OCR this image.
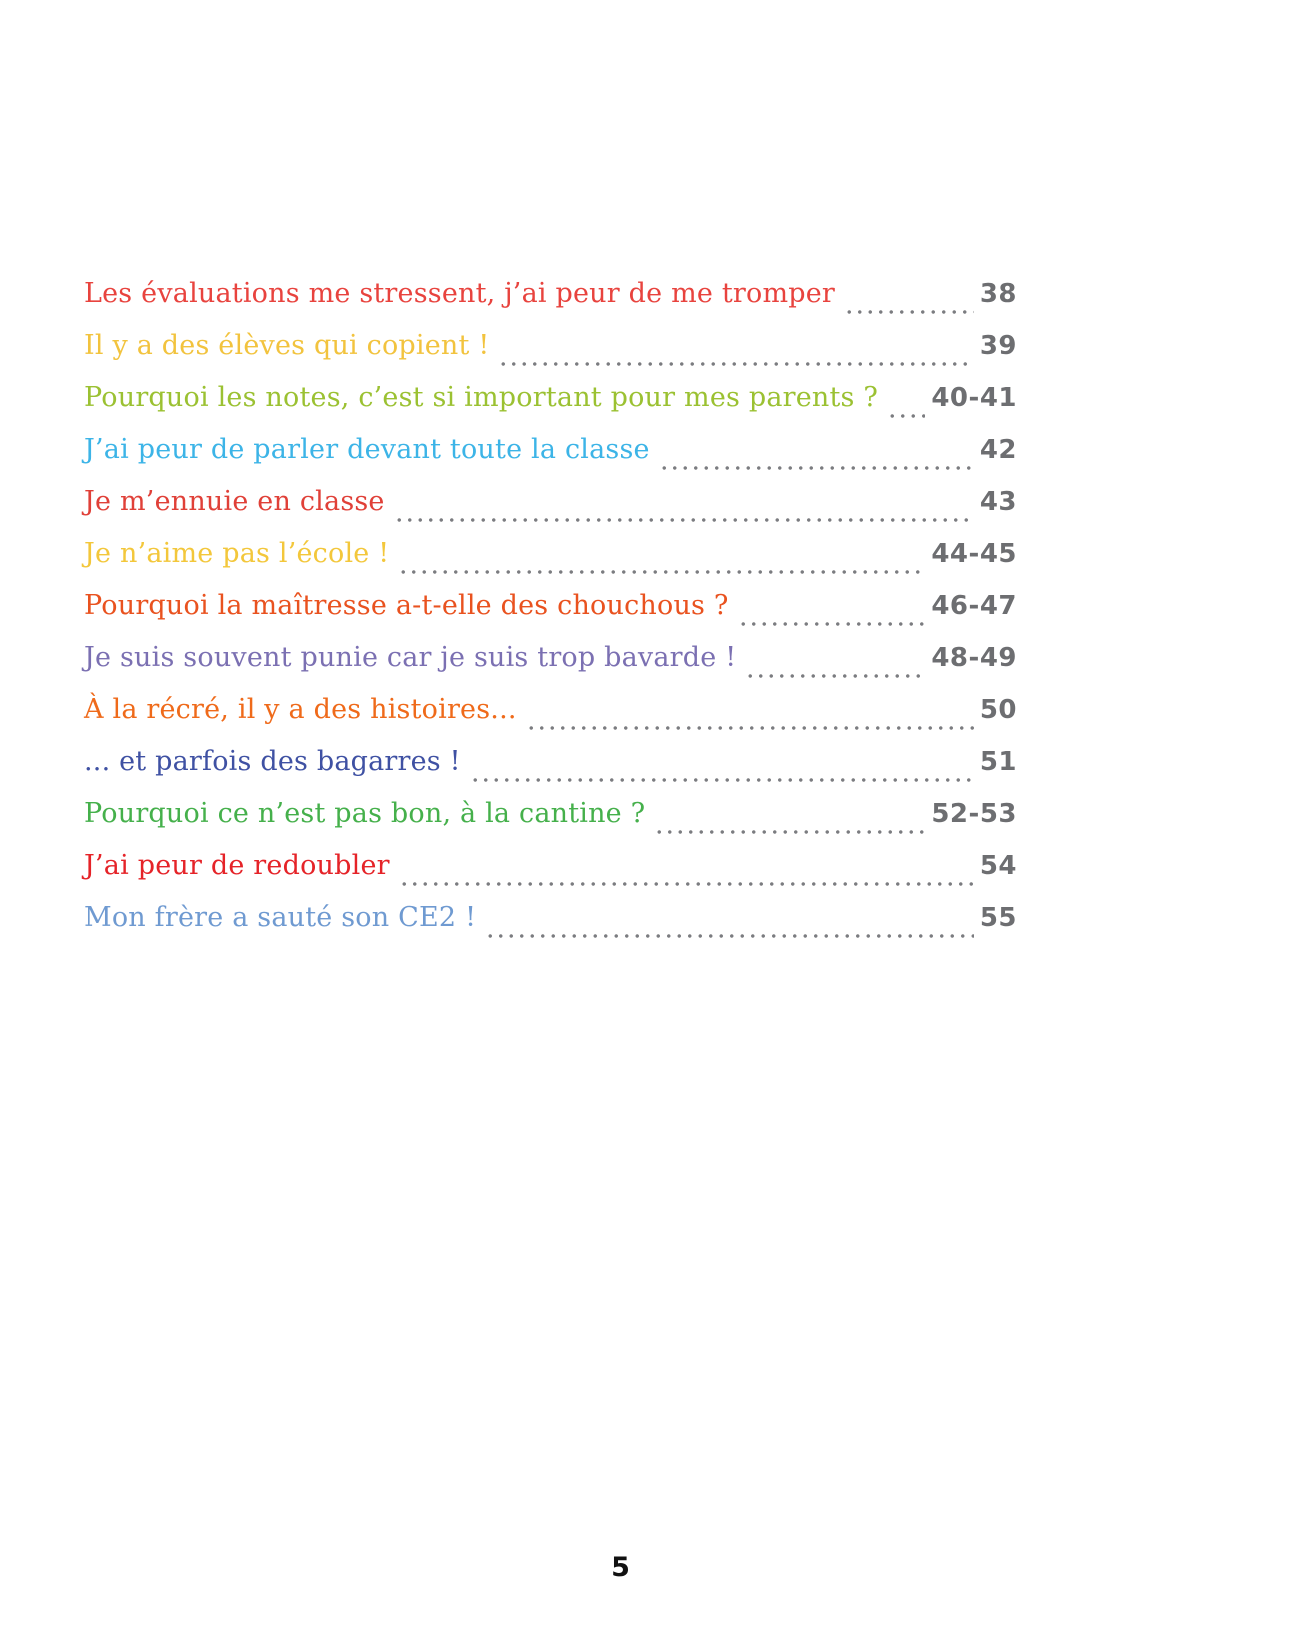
Les évaluations me stressent, j’ai peur de me tromper	38
Il y a des élèves qui copient !	39
Pourquoi les notes, c’est si important pour mes parents ? 40-41
J’ai peur de parler devant toute la classe	42
Je m’ennuie en classe	43
Je n’aime pas l’école !	44-45
Pourquoi la maîtresse a-t-elle des chouchous ?	46-47
Je suis souvent punie car je suis trop bavarde !	48-49
À la récré, il y a des histoires...	50
... et parfois des bagarres !	51
Pourquoi ce n’est pas bon, à la cantine ?	52-53
J’ai peur de redoubler	54
Mon frère a sauté son CE2 !	55
5
